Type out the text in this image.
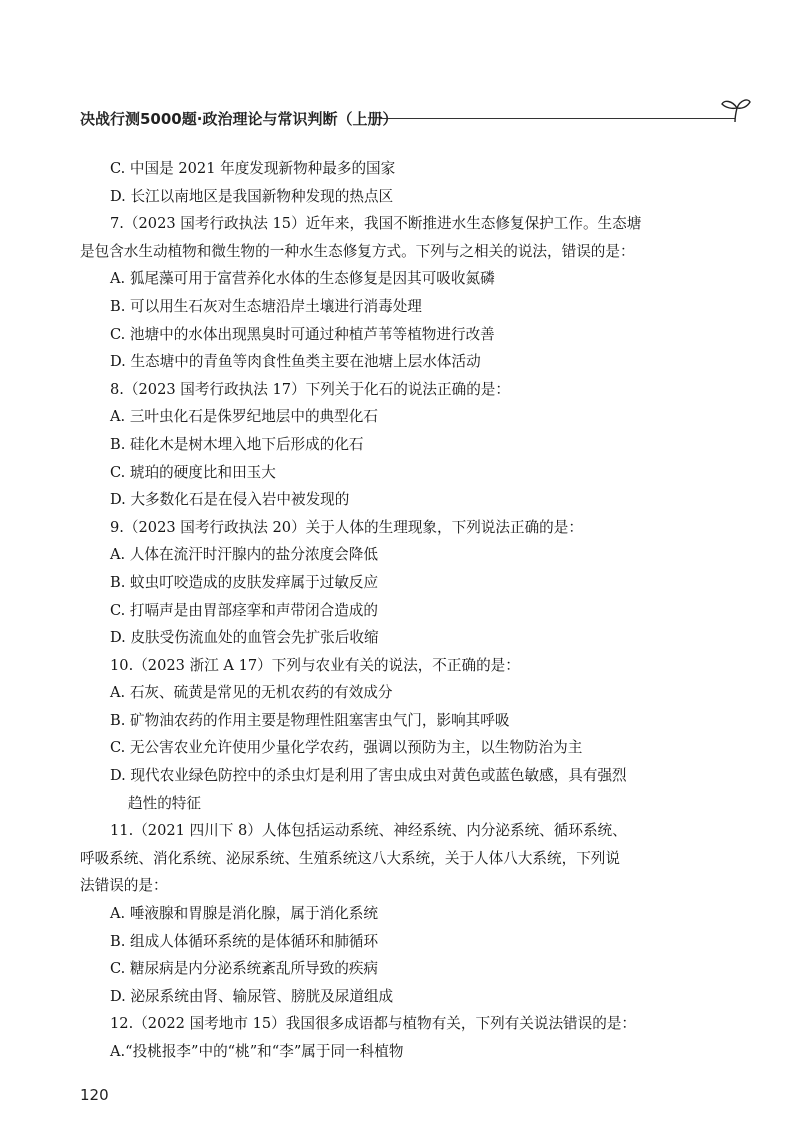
决战行测5000题·政治理论与常识判断（上册）
C. 中国是 2021 年度发现新物种最多的国家
D. 长江以南地区是我国新物种发现的热点区
7.（2023 国考行政执法 15）近年来，我国不断推进水生态修复保护工作。生态塘
是包含水生动植物和微生物的一种水生态修复方式。下列与之相关的说法，错误的是：
A. 狐尾藻可用于富营养化水体的生态修复是因其可吸收氮磷
B. 可以用生石灰对生态塘沿岸土壤进行消毒处理
C. 池塘中的水体出现黑臭时可通过种植芦苇等植物进行改善
D. 生态塘中的青鱼等肉食性鱼类主要在池塘上层水体活动
8.（2023 国考行政执法 17）下列关于化石的说法正确的是：
A. 三叶虫化石是侏罗纪地层中的典型化石
B. 硅化木是树木埋入地下后形成的化石
C. 琥珀的硬度比和田玉大
D. 大多数化石是在侵入岩中被发现的
9.（2023 国考行政执法 20）关于人体的生理现象，下列说法正确的是：
A. 人体在流汗时汗腺内的盐分浓度会降低
B. 蚊虫叮咬造成的皮肤发痒属于过敏反应
C. 打嗝声是由胃部痉挛和声带闭合造成的
D. 皮肤受伤流血处的血管会先扩张后收缩
10.（2023 浙江 A 17）下列与农业有关的说法，不正确的是：
A. 石灰、硫黄是常见的无机农药的有效成分
B. 矿物油农药的作用主要是物理性阻塞害虫气门，影响其呼吸
C. 无公害农业允许使用少量化学农药，强调以预防为主，以生物防治为主
D. 现代农业绿色防控中的杀虫灯是利用了害虫成虫对黄色或蓝色敏感，具有强烈
趋性的特征
11.（2021 四川下 8）人体包括运动系统、神经系统、内分泌系统、循环系统、
呼吸系统、消化系统、泌尿系统、生殖系统这八大系统，关于人体八大系统，下列说
法错误的是：
A. 唾液腺和胃腺是消化腺，属于消化系统
B. 组成人体循环系统的是体循环和肺循环
C. 糖尿病是内分泌系统紊乱所导致的疾病
D. 泌尿系统由肾、输尿管、膀胱及尿道组成
12.（2022 国考地市 15）我国很多成语都与植物有关，下列有关说法错误的是：
A.“投桃报李”中的“桃”和“李”属于同一科植物
120
